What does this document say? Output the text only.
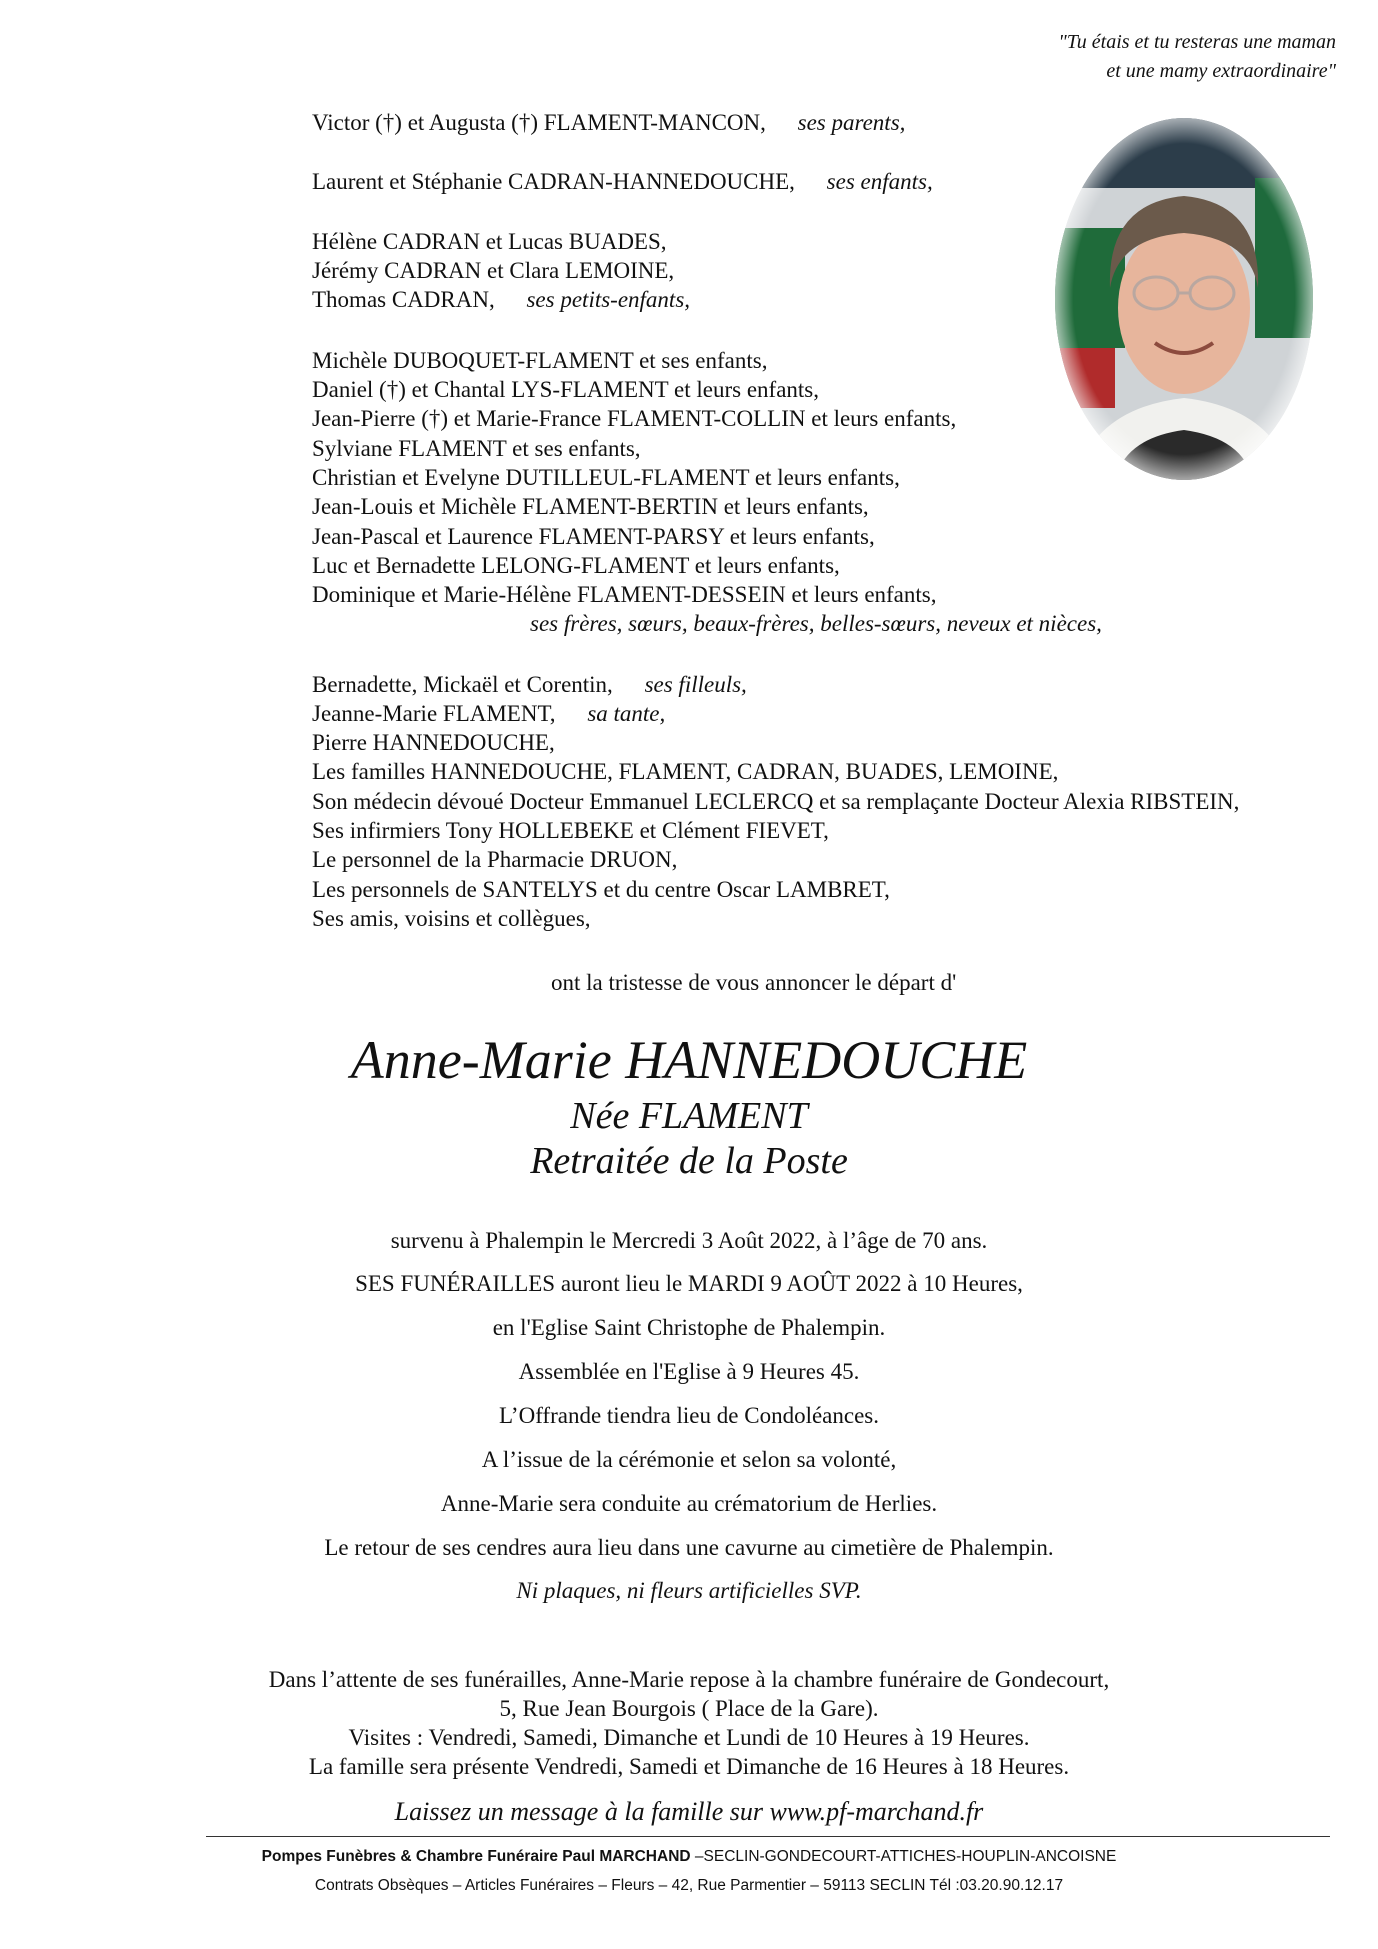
"Tu étais et tu resteras une maman
et une mamy extraordinaire"
Victor (†) et Augusta (†) FLAMENT-MANCON, ses parents,
Laurent et Stéphanie CADRAN-HANNEDOUCHE, ses enfants,
Hélène CADRAN et Lucas BUADES,
Jérémy CADRAN et Clara LEMOINE,
Thomas CADRAN, ses petits-enfants,
Michèle DUBOQUET-FLAMENT et ses enfants,
Daniel (†) et Chantal LYS-FLAMENT et leurs enfants,
Jean-Pierre (†) et Marie-France FLAMENT-COLLIN et leurs enfants,
Sylviane FLAMENT et ses enfants,
Christian et Evelyne DUTILLEUL-FLAMENT et leurs enfants,
Jean-Louis et Michèle FLAMENT-BERTIN et leurs enfants,
Jean-Pascal et Laurence FLAMENT-PARSY et leurs enfants,
Luc et Bernadette LELONG-FLAMENT et leurs enfants,
Dominique et Marie-Hélène FLAMENT-DESSEIN et leurs enfants,
ses frères, sœurs, beaux-frères, belles-sœurs, neveux et nièces,
Bernadette, Mickaël et Corentin, ses filleuls,
Jeanne-Marie FLAMENT, sa tante,
Pierre HANNEDOUCHE,
Les familles HANNEDOUCHE, FLAMENT, CADRAN, BUADES, LEMOINE,
Son médecin dévoué Docteur Emmanuel LECLERCQ et sa remplaçante Docteur Alexia RIBSTEIN,
Ses infirmiers Tony HOLLEBEKE et Clément FIEVET,
Le personnel de la Pharmacie DRUON,
Les personnels de SANTELYS et du centre Oscar LAMBRET,
Ses amis, voisins et collègues,
ont la tristesse de vous annoncer le départ d'
Anne-Marie HANNEDOUCHE
Née FLAMENT
Retraitée de la Poste
survenu à Phalempin le Mercredi 3 Août 2022, à l’âge de 70 ans.
SES FUNÉRAILLES auront lieu le MARDI 9 AOÛT 2022 à 10 Heures,
en l'Eglise Saint Christophe de Phalempin.
Assemblée en l'Eglise à 9 Heures 45.
L’Offrande tiendra lieu de Condoléances.
A l’issue de la cérémonie et selon sa volonté,
Anne-Marie sera conduite au crématorium de Herlies.
Le retour de ses cendres aura lieu dans une cavurne au cimetière de Phalempin.
Ni plaques, ni fleurs artificielles SVP.
Dans l’attente de ses funérailles, Anne-Marie repose à la chambre funéraire de Gondecourt,
5, Rue Jean Bourgois ( Place de la Gare).
Visites : Vendredi, Samedi, Dimanche et Lundi de 10 Heures à 19 Heures.
La famille sera présente Vendredi, Samedi et Dimanche de 16 Heures à 18 Heures.
Laissez un message à la famille sur www.pf-marchand.fr
Pompes Funèbres & Chambre Funéraire Paul MARCHAND –SECLIN-GONDECOURT-ATTICHES-HOUPLIN-ANCOISNE
Contrats Obsèques – Articles Funéraires – Fleurs – 42, Rue Parmentier – 59113 SECLIN Tél :03.20.90.12.17
